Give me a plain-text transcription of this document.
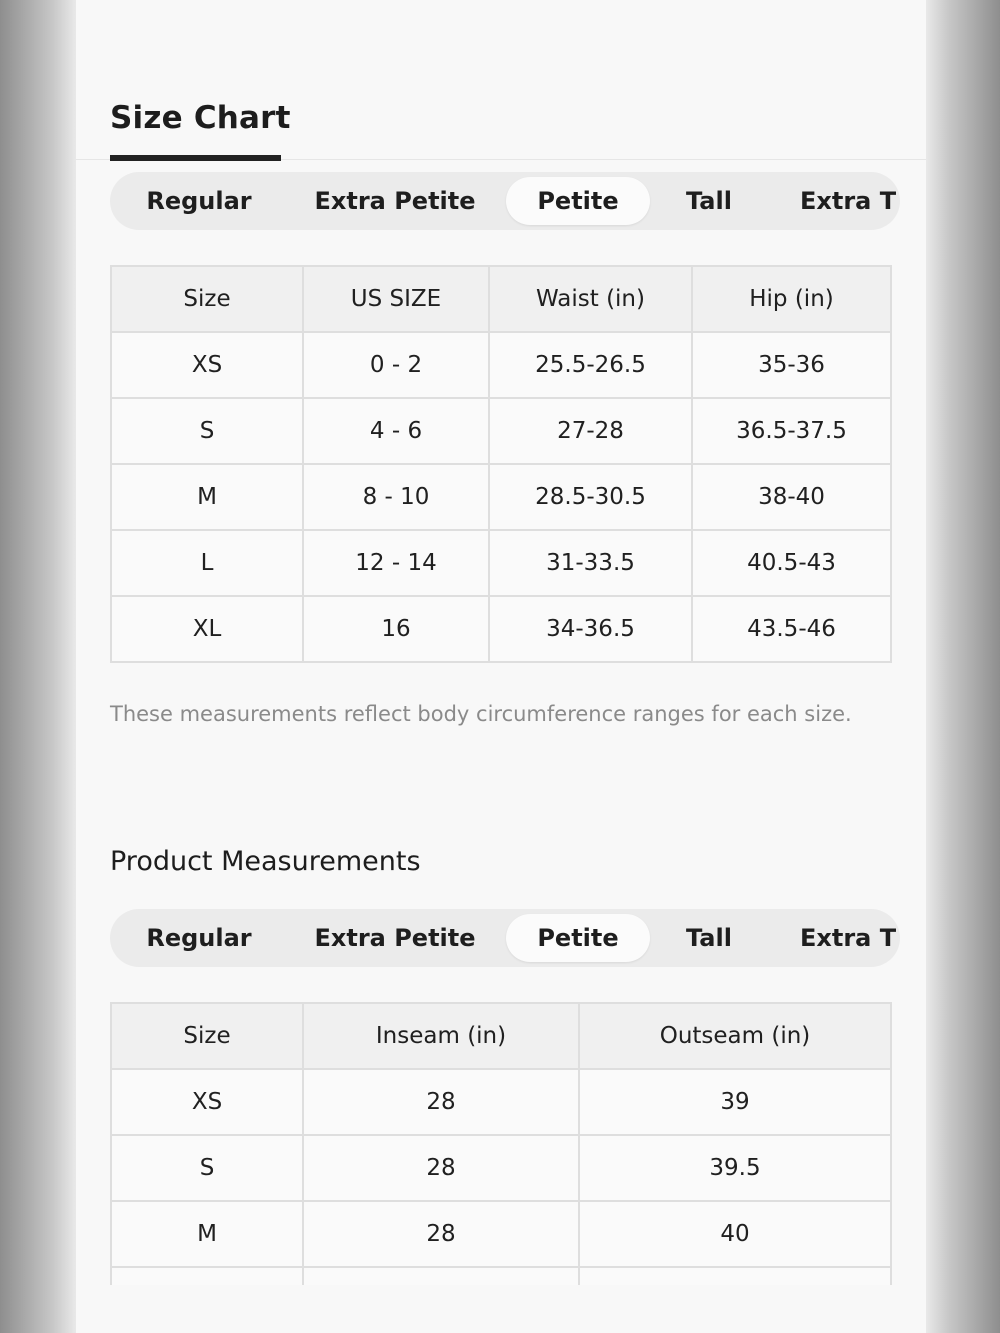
Size Chart
Regular	Extra Petite	Petite	Tall	Extra T
Size	US SIZE	Waist (in)	Hip (in)
XS	0 - 2	25.5-26.5	35-36
S	4 - 6	27-28	36.5-37.5
M	8 - 10	28.5-30.5	38-40
L	12 - 14	31-33.5	40.5-43
XL	16	34-36.5	43.5-46
These measurements reflect body circumference ranges for each size.
Product Measurements
Regular	Extra Petite	Petite	Tall	Extra T
Size	Inseam (in)	Outseam (in)
XS	28	39
S	28	39.5
M	28	40
